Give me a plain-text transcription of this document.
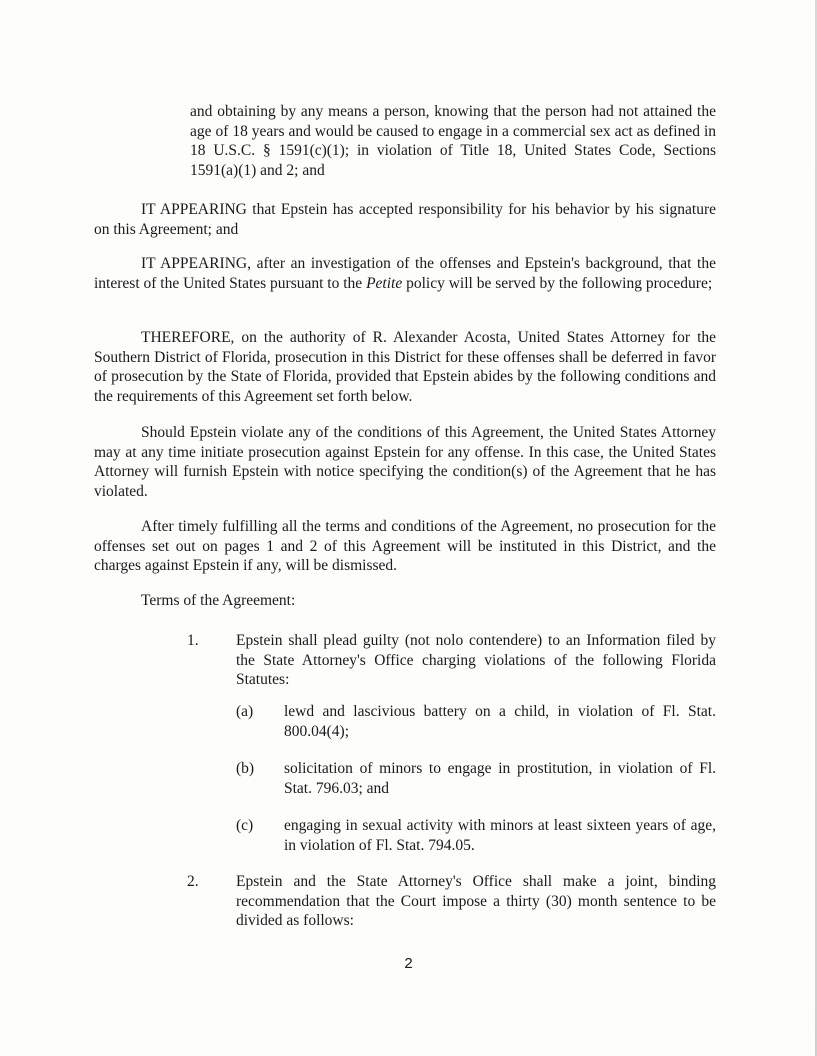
and obtaining by any means a person, knowing that the person had not attained the age of 18 years and would be caused to engage in a commercial sex act as defined in 18 U.S.C. § 1591(c)(1); in violation of Title 18, United States Code, Sections 1591(a)(1) and 2; and

IT APPEARING that Epstein has accepted responsibility for his behavior by his signature on this Agreement; and

IT APPEARING, after an investigation of the offenses and Epstein's background, that the interest of the United States pursuant to the Petite policy will be served by the following procedure;

THEREFORE, on the authority of R. Alexander Acosta, United States Attorney for the Southern District of Florida, prosecution in this District for these offenses shall be deferred in favor of prosecution by the State of Florida, provided that Epstein abides by the following conditions and the requirements of this Agreement set forth below.

Should Epstein violate any of the conditions of this Agreement, the United States Attorney may at any time initiate prosecution against Epstein for any offense. In this case, the United States Attorney will furnish Epstein with notice specifying the condition(s) of the Agreement that he has violated.

After timely fulfilling all the terms and conditions of the Agreement, no prosecution for the offenses set out on pages 1 and 2 of this Agreement will be instituted in this District, and the charges against Epstein if any, will be dismissed.

Terms of the Agreement:

1. Epstein shall plead guilty (not nolo contendere) to an Information filed by the State Attorney's Office charging violations of the following Florida Statutes:

(a) lewd and lascivious battery on a child, in violation of Fl. Stat. 800.04(4);

(b) solicitation of minors to engage in prostitution, in violation of Fl. Stat. 796.03; and

(c) engaging in sexual activity with minors at least sixteen years of age, in violation of Fl. Stat. 794.05.

2. Epstein and the State Attorney's Office shall make a joint, binding recommendation that the Court impose a thirty (30) month sentence to be divided as follows:

2
